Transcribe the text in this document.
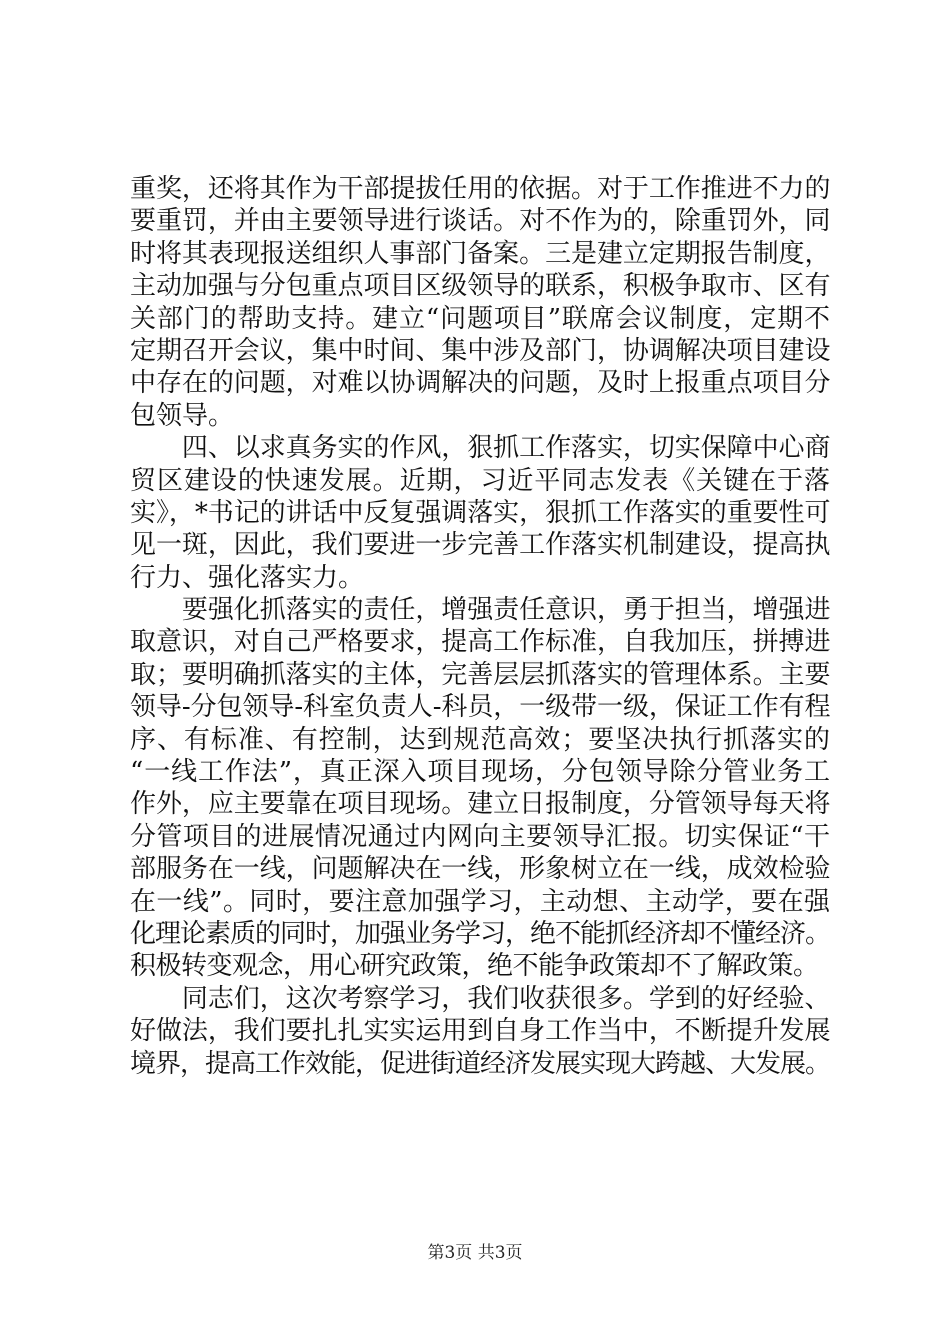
重奖，还将其作为干部提拔任用的依据。对于工作推进不力的
要重罚，并由主要领导进行谈话。对不作为的，除重罚外，同
时将其表现报送组织人事部门备案。三是建立定期报告制度，
主动加强与分包重点项目区级领导的联系，积极争取市、区有
关部门的帮助支持。建立“问题项目”联席会议制度，定期不
定期召开会议，集中时间、集中涉及部门，协调解决项目建设
中存在的问题，对难以协调解决的问题，及时上报重点项目分
包领导。
　　四、以求真务实的作风，狠抓工作落实，切实保障中心商
贸区建设的快速发展。近期，习近平同志发表《关键在于落
实》，*书记的讲话中反复强调落实，狠抓工作落实的重要性可
见一斑，因此，我们要进一步完善工作落实机制建设，提高执
行力、强化落实力。
　　要强化抓落实的责任，增强责任意识，勇于担当，增强进
取意识，对自己严格要求，提高工作标准，自我加压，拼搏进
取；要明确抓落实的主体，完善层层抓落实的管理体系。主要
领导-分包领导-科室负责人-科员，一级带一级，保证工作有程
序、有标准、有控制，达到规范高效；要坚决执行抓落实的
“一线工作法”，真正深入项目现场，分包领导除分管业务工
作外，应主要靠在项目现场。建立日报制度，分管领导每天将
分管项目的进展情况通过内网向主要领导汇报。切实保证“干
部服务在一线，问题解决在一线，形象树立在一线，成效检验
在一线”。同时，要注意加强学习，主动想、主动学，要在强
化理论素质的同时，加强业务学习，绝不能抓经济却不懂经济。
积极转变观念，用心研究政策，绝不能争政策却不了解政策。
　　同志们，这次考察学习，我们收获很多。学到的好经验、
好做法，我们要扎扎实实运用到自身工作当中，不断提升发展
境界，提高工作效能，促进街道经济发展实现大跨越、大发展。
第3页 共3页
